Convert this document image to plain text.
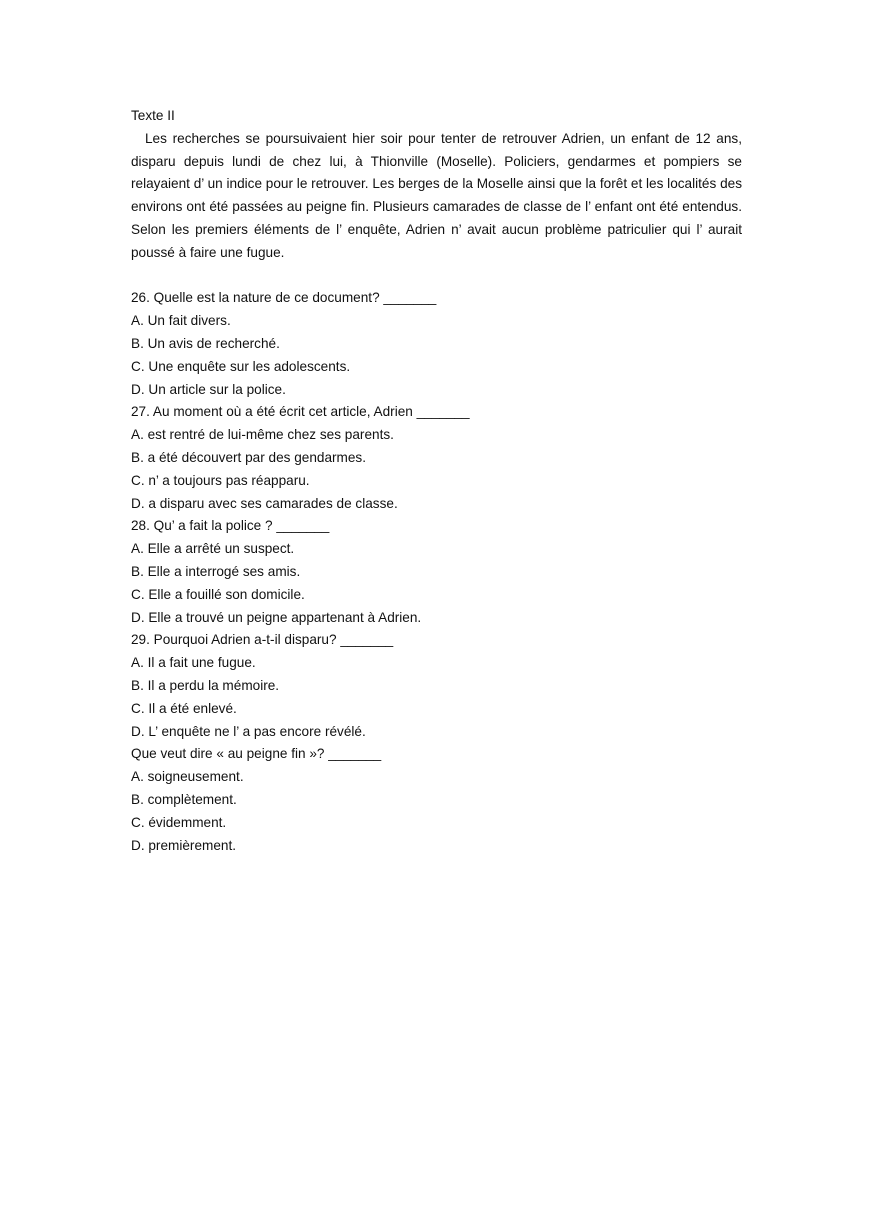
Texte II

Les recherches se poursuivaient hier soir pour tenter de retrouver Adrien, un enfant de 12 ans, disparu depuis lundi de chez lui, à Thionville (Moselle). Policiers, gendarmes et pompiers se relayaient d’ un indice pour le retrouver. Les berges de la Moselle ainsi que la forêt et les localités des environs ont été passées au peigne fin. Plusieurs camarades de classe de l’ enfant ont été entendus. Selon les premiers éléments de l’ enquête, Adrien n’ avait aucun problème patriculier qui l’ aurait poussé à faire une fugue.

26. Quelle est la nature de ce document? _______

A. Un fait divers.

B. Un avis de recherché.

C. Une enquête sur les adolescents.

D. Un article sur la police.

27. Au moment où a été écrit cet article, Adrien _______

A. est rentré de lui-même chez ses parents.

B. a été découvert par des gendarmes.

C. n’ a toujours pas réapparu.

D. a disparu avec ses camarades de classe.

28. Qu’ a fait la police ? _______

A. Elle a arrêté un suspect.

B. Elle a interrogé ses amis.

C. Elle a fouillé son domicile.

D. Elle a trouvé un peigne appartenant à Adrien.

29. Pourquoi Adrien a-t-il disparu? _______

A. Il a fait une fugue.

B. Il a perdu la mémoire.

C. Il a été enlevé.

D. L’ enquête ne l’ a pas encore révélé.

Que veut dire « au peigne fin »? _______

A. soigneusement.

B. complètement.

C. évidemment.

D. premièrement.
